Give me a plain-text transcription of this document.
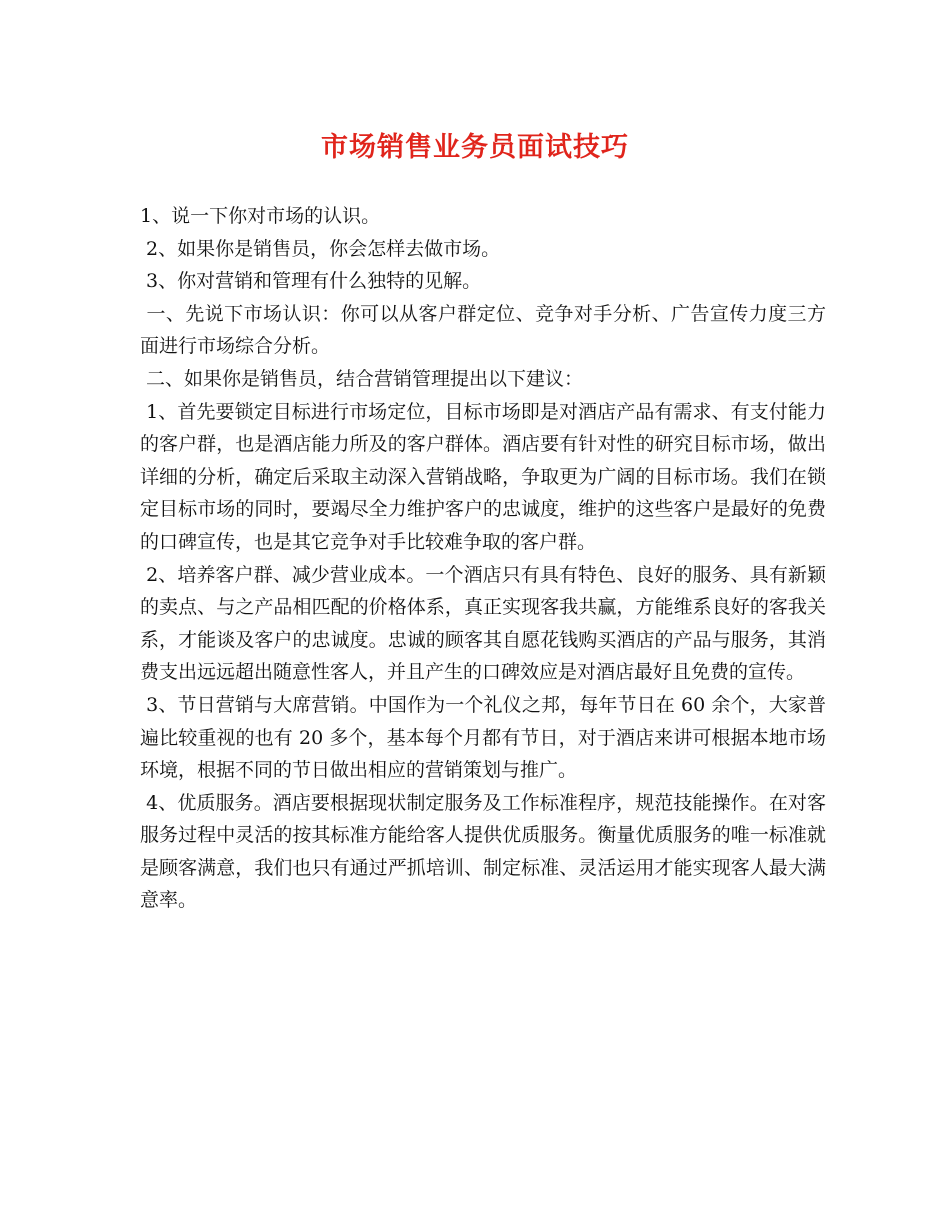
市场销售业务员面试技巧

1、说一下你对市场的认识。

2、如果你是销售员，你会怎样去做市场。

3、你对营销和管理有什么独特的见解。

一、先说下市场认识：你可以从客户群定位、竞争对手分析、广告宣传力度三方面进行市场综合分析。

二、如果你是销售员，结合营销管理提出以下建议：

1、首先要锁定目标进行市场定位，目标市场即是对酒店产品有需求、有支付能力的客户群，也是酒店能力所及的客户群体。酒店要有针对性的研究目标市场，做出详细的分析，确定后采取主动深入营销战略，争取更为广阔的目标市场。我们在锁定目标市场的同时，要竭尽全力维护客户的忠诚度，维护的这些客户是最好的免费的口碑宣传，也是其它竞争对手比较难争取的客户群。

2、培养客户群、减少营业成本。一个酒店只有具有特色、良好的服务、具有新颖的卖点、与之产品相匹配的价格体系，真正实现客我共赢，方能维系良好的客我关系，才能谈及客户的忠诚度。忠诚的顾客其自愿花钱购买酒店的产品与服务，其消费支出远远超出随意性客人，并且产生的口碑效应是对酒店最好且免费的宣传。

3、节日营销与大席营销。中国作为一个礼仪之邦，每年节日在 60 余个，大家普遍比较重视的也有 20 多个，基本每个月都有节日，对于酒店来讲可根据本地市场环境，根据不同的节日做出相应的营销策划与推广。

4、优质服务。酒店要根据现状制定服务及工作标准程序，规范技能操作。在对客服务过程中灵活的按其标准方能给客人提供优质服务。衡量优质服务的唯一标准就是顾客满意，我们也只有通过严抓培训、制定标准、灵活运用才能实现客人最大满意率。
